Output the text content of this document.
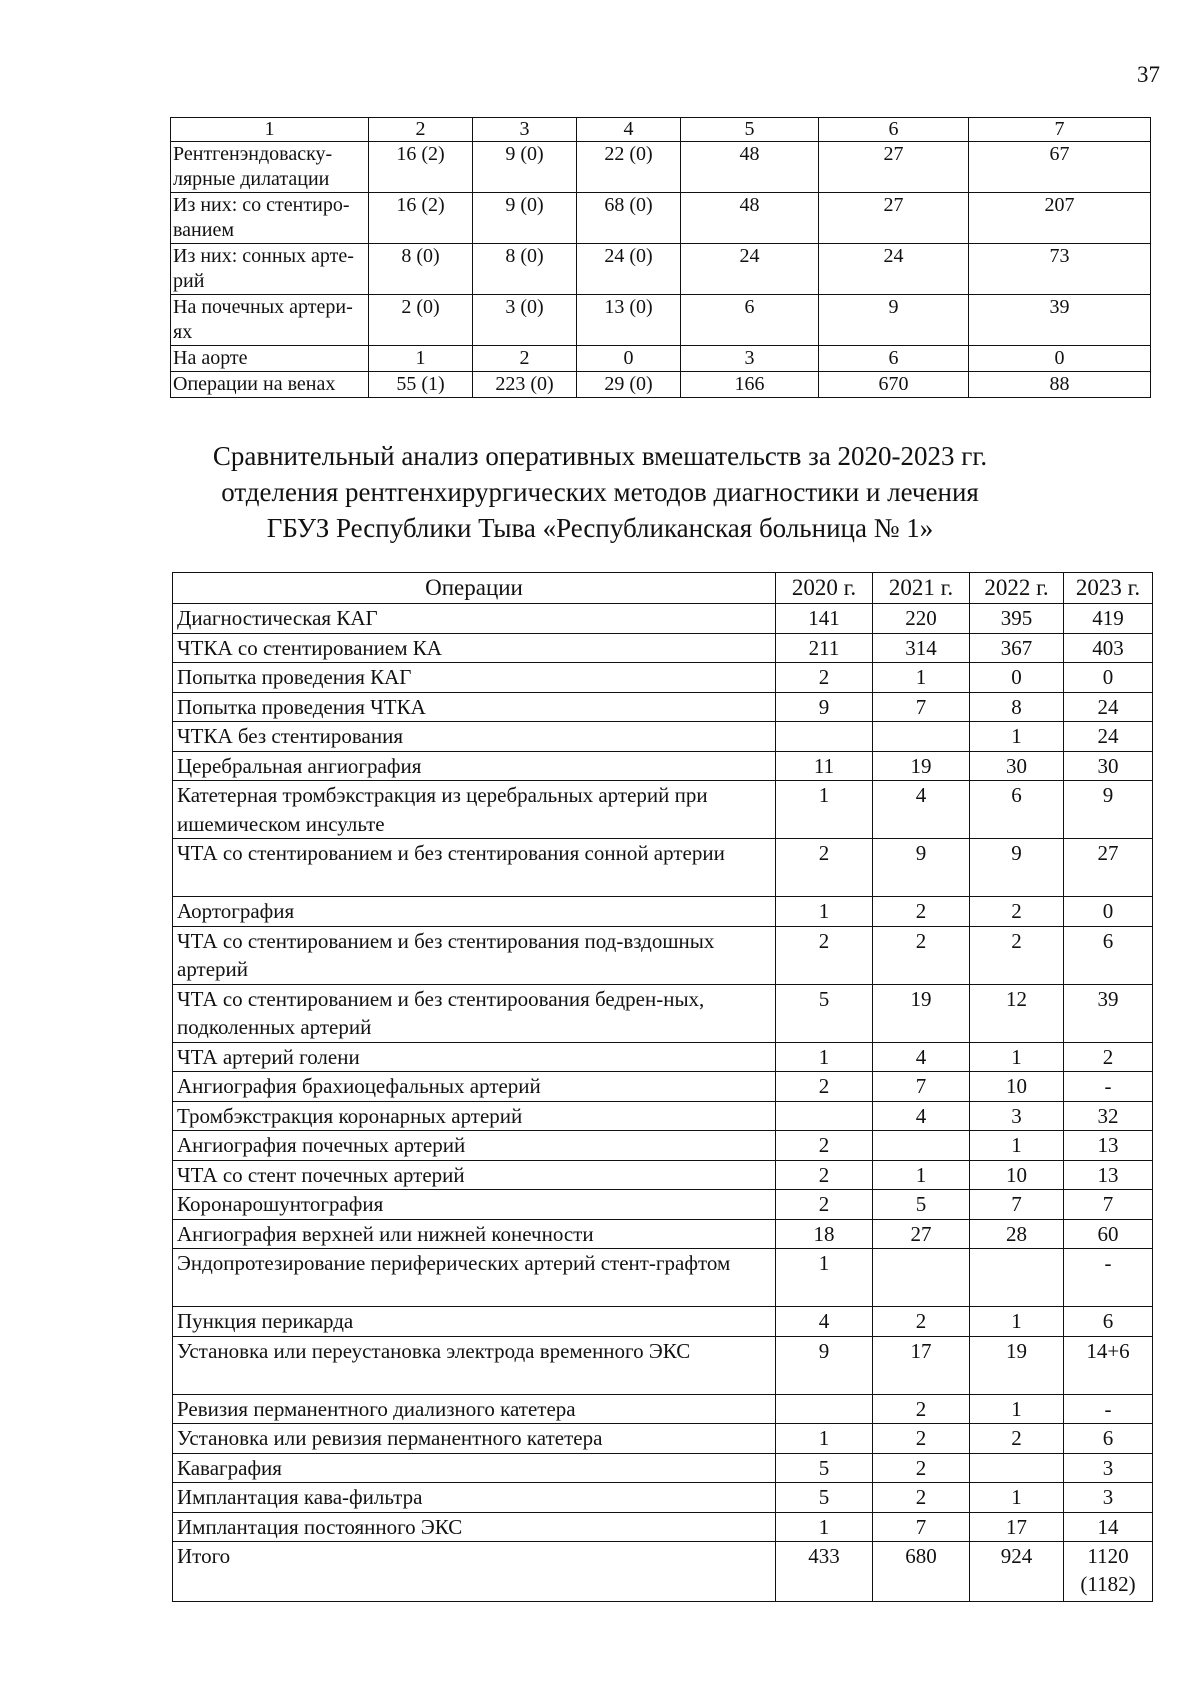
37
1	2	3	4	5	6	7
Рентгенэндоваску-лярные дилатации	16 (2)	9 (0)	22 (0)	48	27	67
Из них: со стентиро-ванием	16 (2)	9 (0)	68 (0)	48	27	207
Из них: сонных арте-рий	8 (0)	8 (0)	24 (0)	24	24	73
На почечных артери-ях	2 (0)	3 (0)	13 (0)	6	9	39
На аорте	1	2	0	3	6	0
Операции на венах	55 (1)	223 (0)	29 (0)	166	670	88
Сравнительный анализ оперативных вмешательств за 2020-2023 гг.
отделения рентгенхирургических методов диагностики и лечения
ГБУЗ Республики Тыва «Республиканская больница № 1»
Операции	2020 г.	2021 г.	2022 г.	2023 г.
Диагностическая КАГ	141	220	395	419
ЧТКА со стентированием КА	211	314	367	403
Попытка проведения КАГ	2	1	0	0
Попытка проведения ЧТКА	9	7	8	24
ЧТКА без стентирования			1	24
Церебральная ангиография	11	19	30	30
Катетерная тромбэкстракция из церебральных артерий при ишемическом инсульте	1	4	6	9
ЧТА со стентированием и без стентирования сонной артерии	2	9	9	27
Аортография	1	2	2	0
ЧТА со стентированием и без стентирования под-вздошных артерий	2	2	2	6
ЧТА со стентированием и без стентироования бедрен-ных, подколенных артерий	5	19	12	39
ЧТА артерий голени	1	4	1	2
Ангиография брахиоцефальных артерий	2	7	10	-
Тромбэкстракция коронарных артерий		4	3	32
Ангиография почечных артерий	2		1	13
ЧТА со стент почечных артерий	2	1	10	13
Коронарошунтография	2	5	7	7
Ангиография верхней или нижней конечности	18	27	28	60
Эндопротезирование периферических артерий стент-графтом	1			-
Пункция перикарда	4	2	1	6
Установка или переустановка электрода временного ЭКС	9	17	19	14+6
Ревизия перманентного диализного катетера		2	1	-
Установка или ревизия перманентного катетера	1	2	2	6
Каваграфия	5	2		3
Имплантация кава-фильтра	5	2	1	3
Имплантация постоянного ЭКС	1	7	17	14
Итого	433	680	924	1120
(1182)
